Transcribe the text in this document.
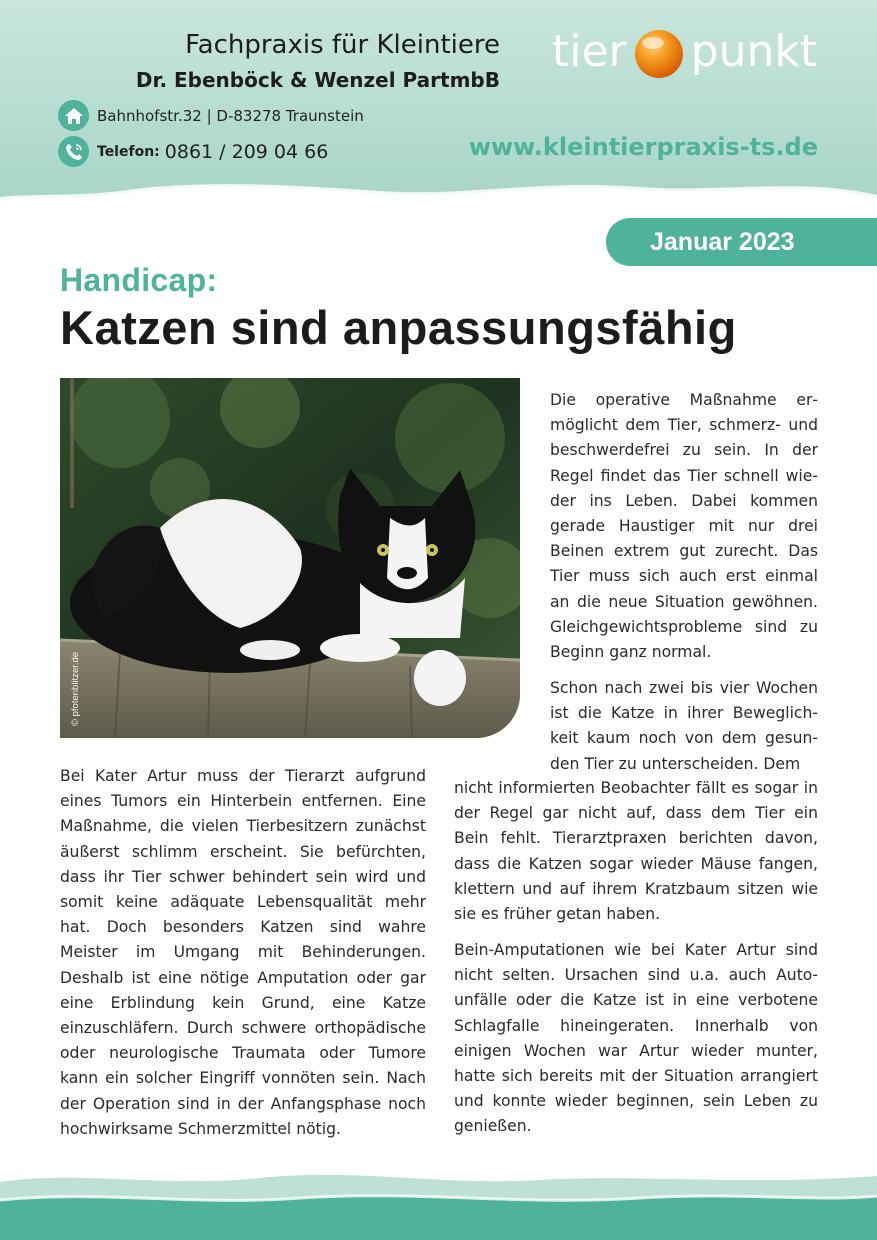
Fachpraxis für Kleintiere
Dr. Ebenböck & Wenzel PartmbB
Bahnhofstr.32 | D-83278 Traunstein
Telefon: 0861 / 209 04 66
tier punkt
www.kleintierpraxis-ts.de
Januar 2023
Handicap:
Katzen sind anpassungsfähig
© pfotenblitzer.de
Die operative Maßnahme ermöglicht dem Tier, schmerz- und beschwerdefrei zu sein. In der Regel findet das Tier schnell wieder ins Leben. Dabei kommen gerade Haustiger mit nur drei Beinen extrem gut zurecht. Das Tier muss sich auch erst einmal an die neue Situation gewöhnen. Gleichgewichtsprobleme sind zu Beginn ganz normal.
Schon nach zwei bis vier Wochen ist die Katze in ihrer Beweglichkeit kaum noch von dem gesunden Tier zu unterscheiden. Dem
nicht informierten Beobachter fällt es sogar in der Regel gar nicht auf, dass dem Tier ein Bein fehlt. Tierarztpraxen berichten davon, dass die Katzen sogar wieder Mäuse fangen, klettern und auf ihrem Kratzbaum sitzen wie sie es früher getan haben.
Bein-Amputationen wie bei Kater Artur sind nicht selten. Ursachen sind u.a. auch Autounfälle oder die Katze ist in eine verbotene Schlagfalle hineingeraten. Innerhalb von einigen Wochen war Artur wieder munter, hatte sich bereits mit der Situation arrangiert und konnte wieder beginnen, sein Leben zu genießen.
Bei Kater Artur muss der Tierarzt aufgrund eines Tumors ein Hinterbein entfernen. Eine Maßnahme, die vielen Tierbesitzern zunächst äußerst schlimm erscheint. Sie befürchten, dass ihr Tier schwer behindert sein wird und somit keine adäquate Lebensqualität mehr hat. Doch besonders Katzen sind wahre Meister im Umgang mit Behinderungen. Deshalb ist eine nötige Amputation oder gar eine Erblindung kein Grund, eine Katze einzuschläfern. Durch schwere orthopädische oder neurologische Traumata oder Tumore kann ein solcher Eingriff vonnöten sein. Nach der Operation sind in der Anfangsphase noch hochwirksame Schmerzmittel nötig.
